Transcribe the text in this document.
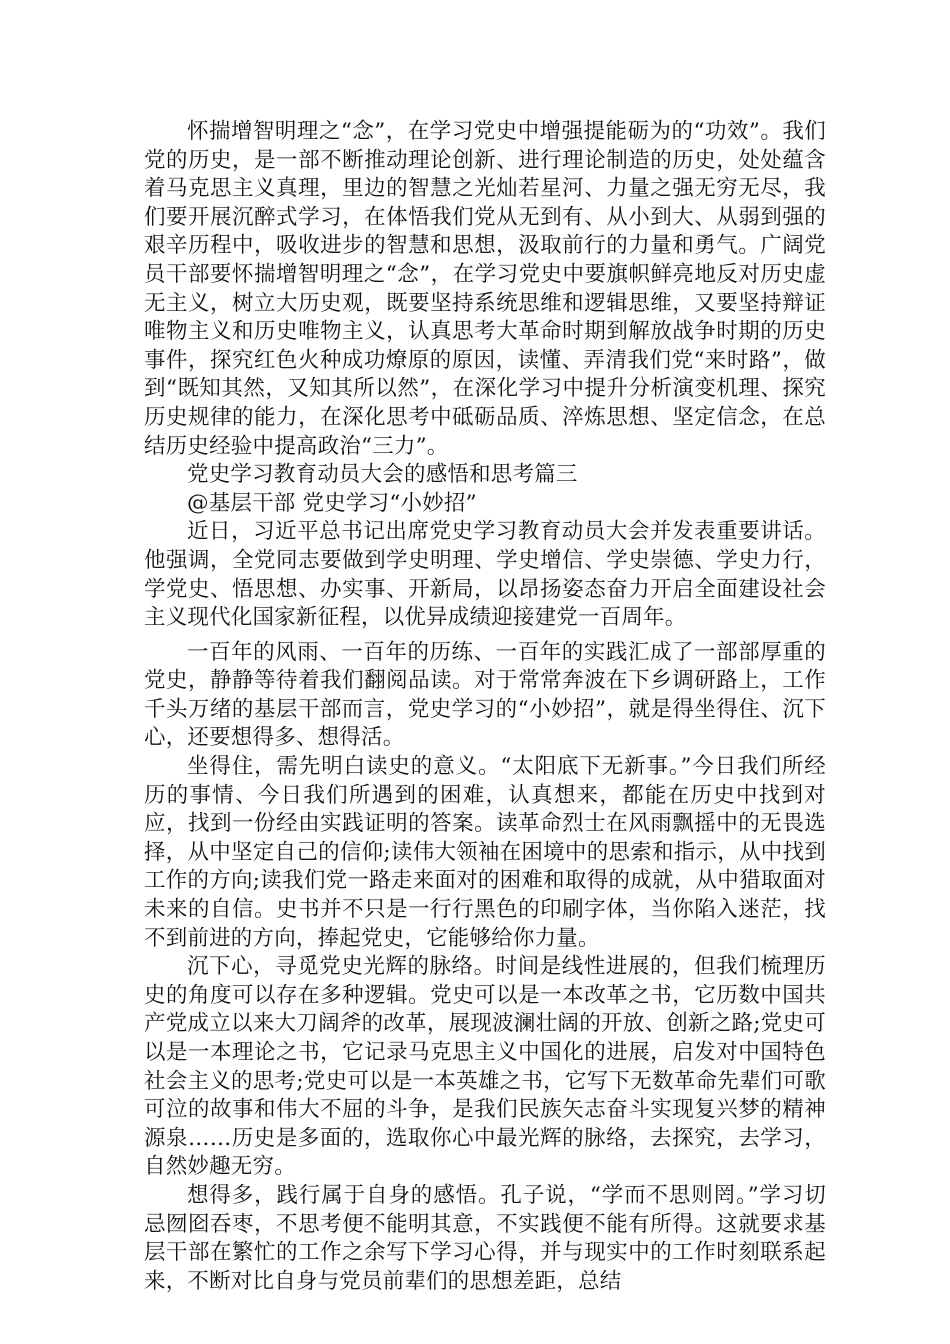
怀揣增智明理之“念”，在学习党史中增强提能砺为的“功效”。我们党的历史，是一部不断推动理论创新、进行理论制造的历史，处处蕴含着马克思主义真理，里边的智慧之光灿若星河、力量之强无穷无尽，我们要开展沉醉式学习，在体悟我们党从无到有、从小到大、从弱到强的艰辛历程中，吸收进步的智慧和思想，汲取前行的力量和勇气。广阔党员干部要怀揣增智明理之“念”，在学习党史中要旗帜鲜亮地反对历史虚无主义，树立大历史观，既要坚持系统思维和逻辑思维，又要坚持辩证唯物主义和历史唯物主义，认真思考大革命时期到解放战争时期的历史事件，探究红色火种成功燎原的原因，读懂、弄清我们党“来时路”，做到“既知其然，又知其所以然”，在深化学习中提升分析演变机理、探究历史规律的能力，在深化思考中砥砺品质、淬炼思想、坚定信念，在总结历史经验中提高政治“三力”。

党史学习教育动员大会的感悟和思考篇三

@基层干部 党史学习“小妙招”

近日，习近平总书记出席党史学习教育动员大会并发表重要讲话。他强调，全党同志要做到学史明理、学史增信、学史崇德、学史力行，学党史、悟思想、办实事、开新局，以昂扬姿态奋力开启全面建设社会主义现代化国家新征程，以优异成绩迎接建党一百周年。

一百年的风雨、一百年的历练、一百年的实践汇成了一部部厚重的党史，静静等待着我们翻阅品读。对于常常奔波在下乡调研路上，工作千头万绪的基层干部而言，党史学习的“小妙招”，就是得坐得住、沉下心，还要想得多、想得活。

坐得住，需先明白读史的意义。“太阳底下无新事。”今日我们所经历的事情、今日我们所遇到的困难，认真想来，都能在历史中找到对应，找到一份经由实践证明的答案。读革命烈士在风雨飘摇中的无畏选择，从中坚定自己的信仰;读伟大领袖在困境中的思索和指示，从中找到工作的方向;读我们党一路走来面对的困难和取得的成就，从中猎取面对未来的自信。史书并不只是一行行黑色的印刷字体，当你陷入迷茫，找不到前进的方向，捧起党史，它能够给你力量。

沉下心，寻觅党史光辉的脉络。时间是线性进展的，但我们梳理历史的角度可以存在多种逻辑。党史可以是一本改革之书，它历数中国共产党成立以来大刀阔斧的改革，展现波澜壮阔的开放、创新之路;党史可以是一本理论之书，它记录马克思主义中国化的进展，启发对中国特色社会主义的思考;党史可以是一本英雄之书，它写下无数革命先辈们可歌可泣的故事和伟大不屈的斗争，是我们民族矢志奋斗实现复兴梦的精神源泉……历史是多面的，选取你心中最光辉的脉络，去探究，去学习，自然妙趣无穷。

想得多，践行属于自身的感悟。孔子说，“学而不思则罔。”学习切忌囫囵吞枣，不思考便不能明其意，不实践便不能有所得。这就要求基层干部在繁忙的工作之余写下学习心得，并与现实中的工作时刻联系起来，不断对比自身与党员前辈们的思想差距，总结
